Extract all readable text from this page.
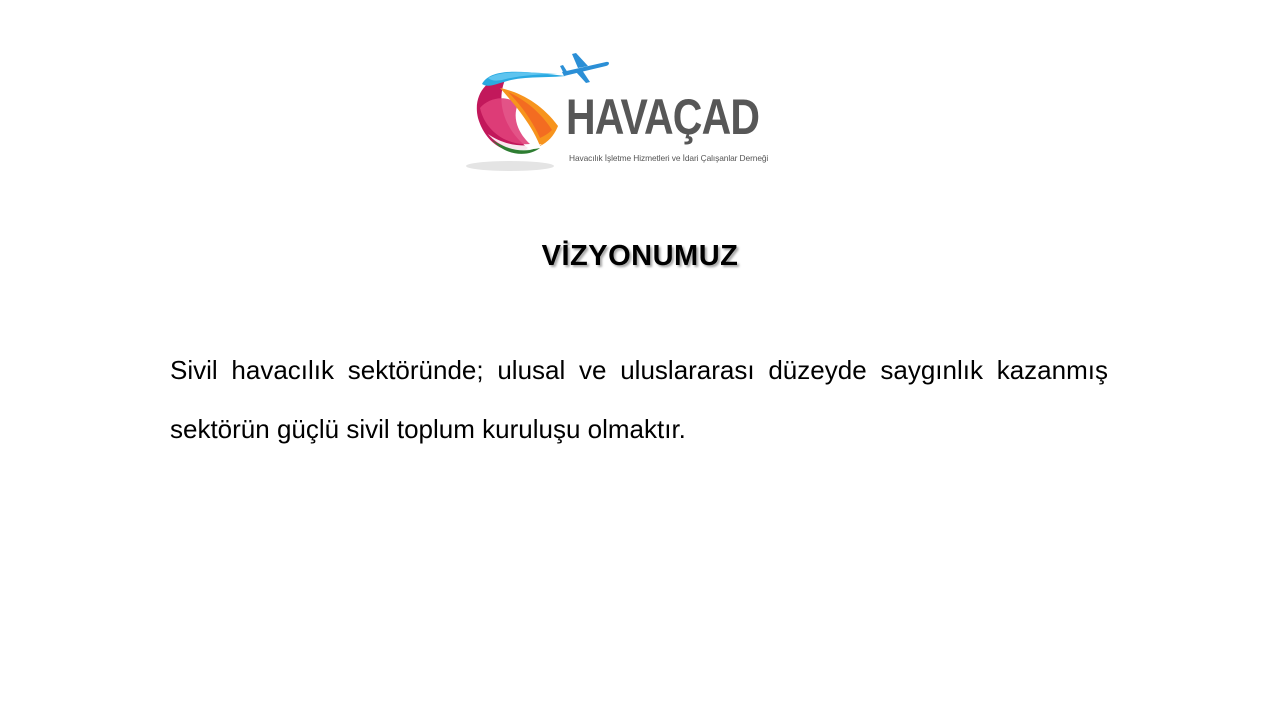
HAVAÇAD
Havacılık İşletme Hizmetleri ve İdari Çalışanlar Derneği
VİZYONUMUZ

Sivil havacılık sektöründe; ulusal ve uluslararası düzeyde saygınlık kazanmış sektörün güçlü sivil toplum kuruluşu olmaktır.
